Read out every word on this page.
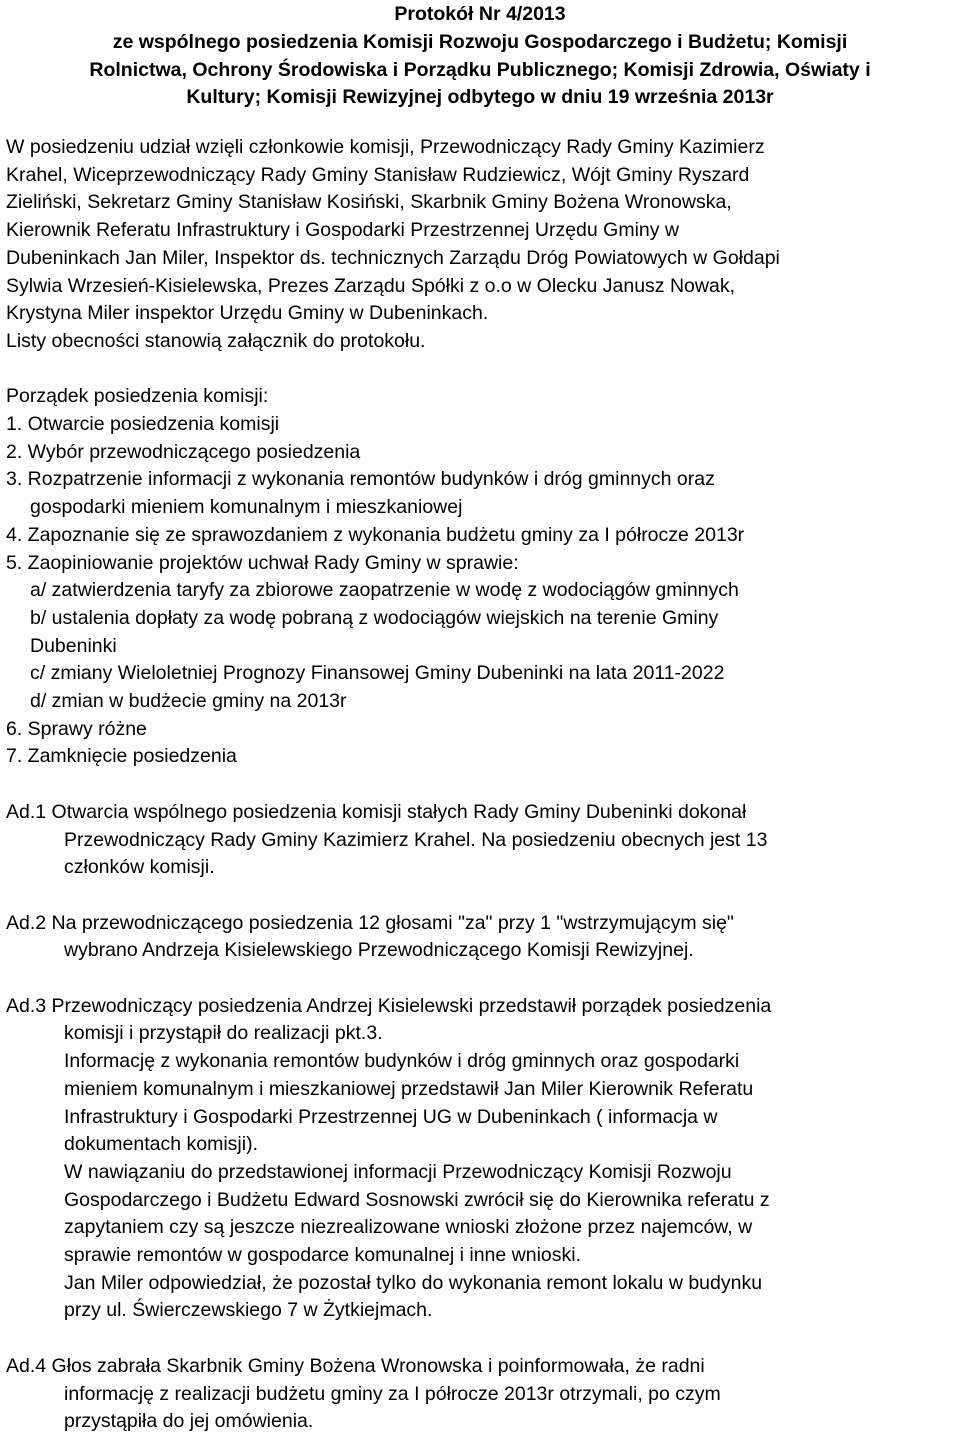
Protokół Nr 4/2013
ze wspólnego posiedzenia Komisji Rozwoju Gospodarczego i Budżetu; Komisji
Rolnictwa, Ochrony Środowiska i Porządku Publicznego; Komisji Zdrowia, Oświaty i
Kultury; Komisji Rewizyjnej odbytego w dniu 19 września 2013r
W posiedzeniu udział wzięli członkowie komisji, Przewodniczący Rady Gminy Kazimierz
Krahel, Wiceprzewodniczący Rady Gminy Stanisław Rudziewicz, Wójt Gminy Ryszard
Zieliński, Sekretarz Gminy Stanisław Kosiński, Skarbnik Gminy Bożena Wronowska,
Kierownik Referatu Infrastruktury i Gospodarki Przestrzennej Urzędu Gminy w
Dubeninkach Jan Miler, Inspektor ds. technicznych Zarządu Dróg Powiatowych w Gołdapi
Sylwia Wrzesień-Kisielewska, Prezes Zarządu Spółki z o.o w Olecku Janusz Nowak,
Krystyna Miler inspektor Urzędu Gminy w Dubeninkach.
Listy obecności stanowią załącznik do protokołu.
Porządek posiedzenia komisji:
1. Otwarcie posiedzenia komisji
2. Wybór przewodniczącego posiedzenia
3. Rozpatrzenie informacji z wykonania remontów budynków i dróg gminnych oraz
gospodarki mieniem komunalnym i mieszkaniowej
4. Zapoznanie się ze sprawozdaniem z wykonania budżetu gminy za I półrocze 2013r
5. Zaopiniowanie projektów uchwał Rady Gminy w sprawie:
a/ zatwierdzenia taryfy za zbiorowe zaopatrzenie w wodę z wodociągów gminnych
b/ ustalenia dopłaty za wodę pobraną z wodociągów wiejskich na terenie Gminy
Dubeninki
c/ zmiany Wieloletniej Prognozy Finansowej Gminy Dubeninki na lata 2011-2022
d/ zmian w budżecie gminy na 2013r
6. Sprawy różne
7. Zamknięcie posiedzenia
Ad.1 Otwarcia wspólnego posiedzenia komisji stałych Rady Gminy Dubeninki dokonał
Przewodniczący Rady Gminy Kazimierz Krahel. Na posiedzeniu obecnych jest 13
członków komisji.
Ad.2 Na przewodniczącego posiedzenia 12 głosami "za" przy 1 "wstrzymującym się"
wybrano Andrzeja Kisielewskiego Przewodniczącego Komisji Rewizyjnej.
Ad.3 Przewodniczący posiedzenia Andrzej Kisielewski przedstawił porządek posiedzenia
komisji i przystąpił do realizacji pkt.3.
Informację z wykonania remontów budynków i dróg gminnych oraz gospodarki
mieniem komunalnym i mieszkaniowej przedstawił Jan Miler Kierownik Referatu
Infrastruktury i Gospodarki Przestrzennej UG w Dubeninkach ( informacja w
dokumentach komisji).
W nawiązaniu do przedstawionej informacji Przewodniczący Komisji Rozwoju
Gospodarczego i Budżetu Edward Sosnowski zwrócił się do Kierownika referatu z
zapytaniem czy są jeszcze niezrealizowane wnioski złożone przez najemców, w
sprawie remontów w gospodarce komunalnej i inne wnioski.
Jan Miler odpowiedział, że pozostał tylko do wykonania remont lokalu w budynku
przy ul. Świerczewskiego 7 w Żytkiejmach.
Ad.4 Głos zabrała Skarbnik Gminy Bożena Wronowska i poinformowała, że radni
informację z realizacji budżetu gminy za I półrocze 2013r otrzymali, po czym
przystąpiła do jej omówienia.
